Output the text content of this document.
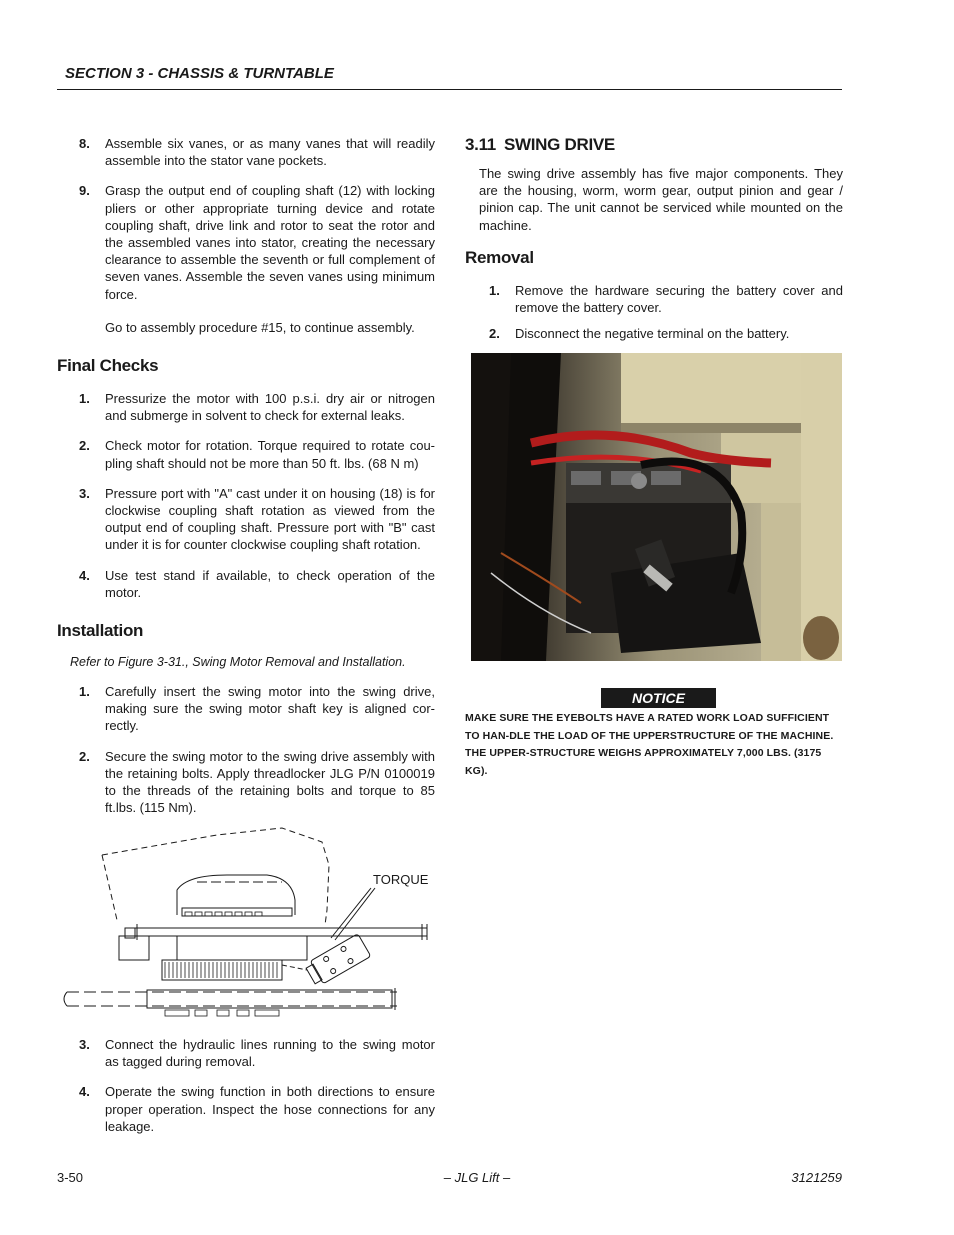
SECTION 3 - CHASSIS & TURNTABLE
8. Assemble six vanes, or as many vanes that will readily assemble into the stator vane pockets.
9. Grasp the output end of coupling shaft (12) with locking pliers or other appropriate turning device and rotate coupling shaft, drive link and rotor to seat the rotor and the assembled vanes into stator, creating the necessary clearance to assemble the seventh or full complement of seven vanes. Assemble the seven vanes using minimum force.
Go to assembly procedure #15, to continue assembly.
Final Checks
1. Pressurize the motor with 100 p.s.i. dry air or nitrogen and submerge in solvent to check for external leaks.
2. Check motor for rotation. Torque required to rotate cou-pling shaft should not be more than 50 ft. lbs. (68 N m)
3. Pressure port with "A" cast under it on housing (18) is for clockwise coupling shaft rotation as viewed from the output end of coupling shaft. Pressure port with "B" cast under it is for counter clockwise coupling shaft rotation.
4. Use test stand if available, to check operation of the motor.
Installation
Refer to Figure 3-31., Swing Motor Removal and Installation.
1. Carefully insert the swing motor into the swing drive, making sure the swing motor shaft key is aligned cor-rectly.
2. Secure the swing motor to the swing drive assembly with the retaining bolts. Apply threadlocker JLG P/N 0100019 to the threads of the retaining bolts and torque to 85 ft.lbs. (115 Nm).
TORQUE
3. Connect the hydraulic lines running to the swing motor as tagged during removal.
4. Operate the swing function in both directions to ensure proper operation. Inspect the hose connections for any leakage.
3.11 SWING DRIVE
The swing drive assembly has five major components. They are the housing, worm, worm gear, output pinion and gear / pinion cap. The unit cannot be serviced while mounted on the machine.
Removal
1. Remove the hardware securing the battery cover and remove the battery cover.
2. Disconnect the negative terminal on the battery.
NOTICE
MAKE SURE THE EYEBOLTS HAVE A RATED WORK LOAD SUFFICIENT TO HAN-DLE THE LOAD OF THE UPPERSTRUCTURE OF THE MACHINE. THE UPPER-STRUCTURE WEIGHS APPROXIMATELY 7,000 LBS. (3175 KG).
– JLG Lift –
3-50	3121259
